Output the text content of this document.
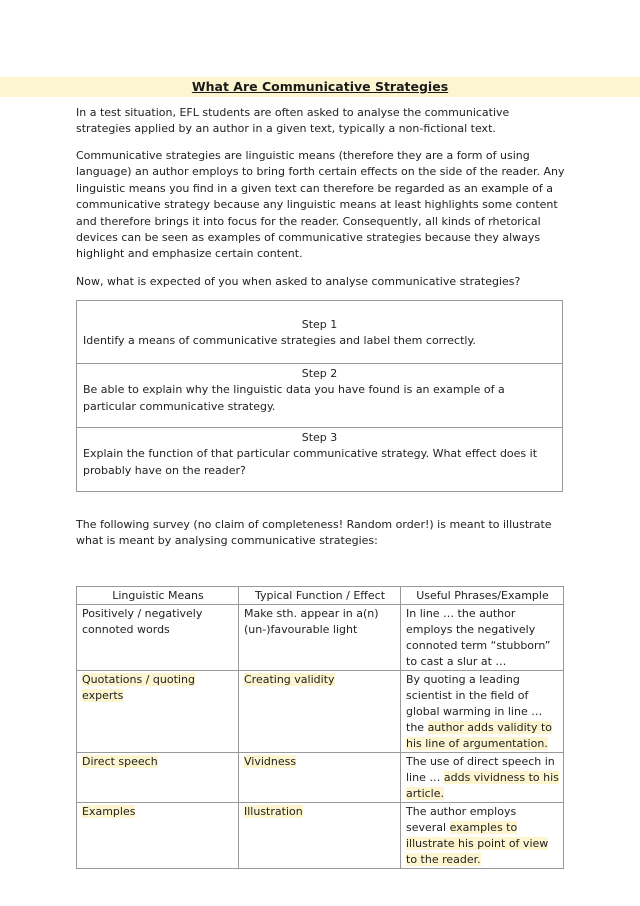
What Are Communicative Strategies

In a test situation, EFL students are often asked to analyse the communicative strategies applied by an author in a given text, typically a non-fictional text.

Communicative strategies are linguistic means (therefore they are a form of using language) an author employs to bring forth certain effects on the side of the reader. Any linguistic means you find in a given text can therefore be regarded as an example of a communicative strategy because any linguistic means at least highlights some content and therefore brings it into focus for the reader. Consequently, all kinds of rhetorical devices can be seen as examples of communicative strategies because they always highlight and emphasize certain content.

Now, what is expected of you when asked to analyse communicative strategies?

Step 1
Identify a means of communicative strategies and label them correctly.
Step 2
Be able to explain why the linguistic data you have found is an example of a particular communicative strategy.
Step 3
Explain the function of that particular communicative strategy. What effect does it probably have on the reader?

The following survey (no claim of completeness! Random order!) is meant to illustrate what is meant by analysing communicative strategies:

Linguistic Means	Typical Function / Effect	Useful Phrases/Example
Positively / negatively connoted words	Make sth. appear in a(n) (un-)favourable light	In line … the author employs the negatively connoted term “stubborn” to cast a slur at …
Quotations / quoting experts	Creating validity	By quoting a leading scientist in the field of global warming in line … the author adds validity to his line of argumentation.
Direct speech	Vividness	The use of direct speech in line … adds vividness to his article.
Examples	Illustration	The author employs several examples to illustrate his point of view to the reader.
